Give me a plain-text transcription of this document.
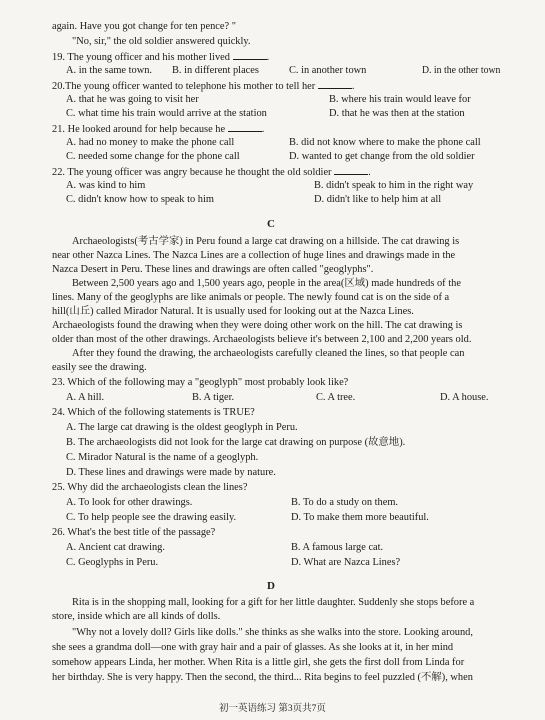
again. Have you got change for ten pence? "
"No, sir," the old soldier answered quickly.
19. The young officer and his mother lived	.
A. in the same town. B. in different places	C. in another town	D. in the other town
20.The young officer wanted to telephone his mother to tell her	.
A. that he was going to visit her	B. where his train would leave for
C. what time his train would arrive at the station	D. that he was then at the station
21. He looked around for help because he	.
A. had no money to make the phone call	B. did not know where to make the phone call
C. needed some change for the phone call	D. wanted to get change from the old soldier
22. The young officer was angry because he thought the old soldier	.
A. was kind to him	B. didn't speak to him in the right way
C. didn't know how to speak to him	D. didn't like to help him at all
C
Archaeologists(考古学家) in Peru found a large cat drawing on a hillside. The cat drawing is
near other Nazca Lines. The Nazca Lines are a collection of huge lines and drawings made in the
Nazca Desert in Peru. These lines and drawings are often called "geoglyphs".
Between 2,500 years ago and 1,500 years ago, people in the area(区域) made hundreds of the
lines. Many of the geoglyphs are like animals or people. The newly found cat is on the side of a
hill(山丘) called Mirador Natural. It is usually used for looking out at the Nazca Lines.
Archaeologists found the drawing when they were doing other work on the hill. The cat drawing is
older than most of the other drawings. Archaeologists believe it's between 2,100 and 2,200 years old.
After they found the drawing, the archaeologists carefully cleaned the lines, so that people can
easily see the drawing.
23. Which of the following may a "geoglyph" most probably look like?
A. A hill.	B. A tiger.	C. A tree.	D. A house.
24. Which of the following statements is TRUE?
A. The large cat drawing is the oldest geoglyph in Peru.
B. The archaeologists did not look for the large cat drawing on purpose (故意地).
C. Mirador Natural is the name of a geoglyph.
D. These lines and drawings were made by nature.
25. Why did the archaeologists clean the lines?
A. To look for other drawings.	B. To do a study on them.
C. To help people see the drawing easily.	D. To make them more beautiful.
26. What's the best title of the passage?
A. Ancient cat drawing.	B. A famous large cat.
C. Geoglyphs in Peru.	D. What are Nazca Lines?
D
Rita is in the shopping mall, looking for a gift for her little daughter. Suddenly she stops before a
store, inside which are all kinds of dolls.
"Why not a lovely doll? Girls like dolls." she thinks as she walks into the store. Looking around,
she sees a grandma doll—one with gray hair and a pair of glasses. As she looks at it, in her mind
somehow appears Linda, her mother. When Rita is a little girl, she gets the first doll from Linda for
her birthday. She is very happy. Then the second, the third... Rita begins to feel puzzled (不解), when
初一英语练习 第3页共7页
